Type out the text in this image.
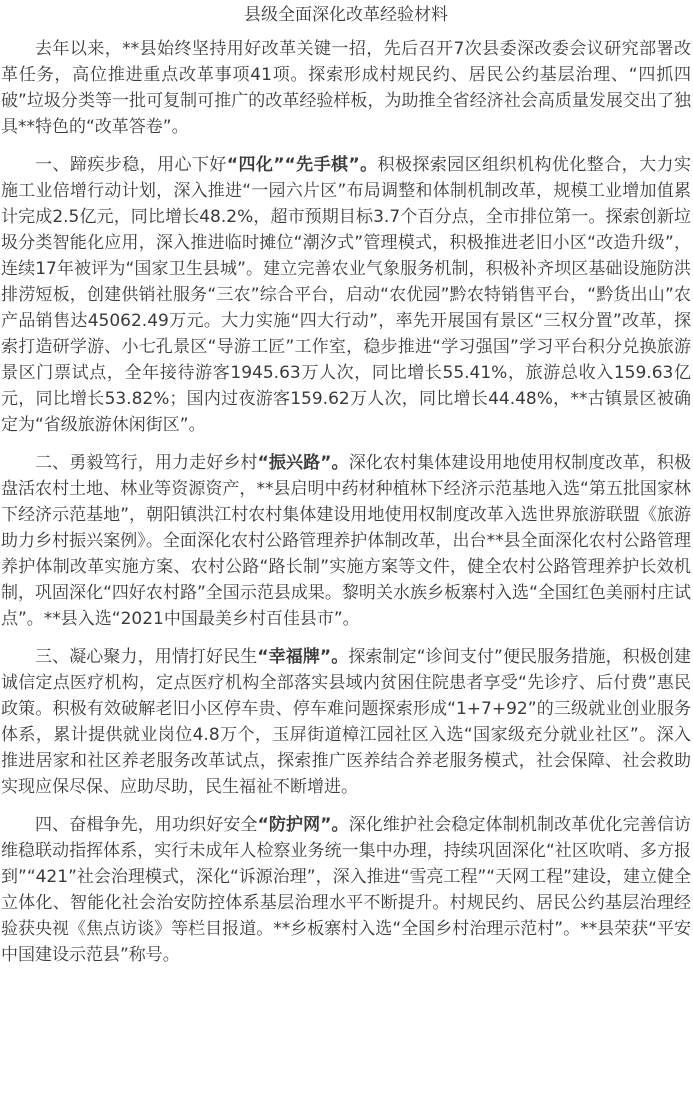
县级全面深化改革经验材料

去年以来，**县始终坚持用好改革关键一招，先后召开7次县委深改委会议研究部署改革任务，高位推进重点改革事项41项。探索形成村规民约、居民公约基层治理、“四抓四破”垃圾分类等一批可复制可推广的改革经验样板，为助推全省经济社会高质量发展交出了独具**特色的“改革答卷”。

一、蹄疾步稳，用心下好“四化”“先手棋”。积极探索园区组织机构优化整合，大力实施工业倍增行动计划，深入推进“一园六片区”布局调整和体制机制改革，规模工业增加值累计完成2.5亿元，同比增长48.2%，超市预期目标3.7个百分点，全市排位第一。探索创新垃圾分类智能化应用，深入推进临时摊位“潮汐式”管理模式，积极推进老旧小区“改造升级”，连续17年被评为“国家卫生县城”。建立完善农业气象服务机制，积极补齐坝区基础设施防洪排涝短板，创建供销社服务“三农”综合平台，启动“农优园”黔农特销售平台，“黔货出山”农产品销售达45062.49万元。大力实施“四大行动”，率先开展国有景区“三权分置”改革，探索打造研学游、小七孔景区“导游工匠”工作室，稳步推进“学习强国”学习平台积分兑换旅游景区门票试点，全年接待游客1945.63万人次，同比增长55.41%，旅游总收入159.63亿元，同比增长53.82%；国内过夜游客159.62万人次，同比增长44.48%，**古镇景区被确定为“省级旅游休闲街区”。

二、勇毅笃行，用力走好乡村“振兴路”。深化农村集体建设用地使用权制度改革，积极盘活农村土地、林业等资源资产，**县启明中药材种植林下经济示范基地入选“第五批国家林下经济示范基地”，朝阳镇洪江村农村集体建设用地使用权制度改革入选世界旅游联盟《旅游助力乡村振兴案例》。全面深化农村公路管理养护体制改革，出台**县全面深化农村公路管理养护体制改革实施方案、农村公路“路长制”实施方案等文件，健全农村公路管理养护长效机制，巩固深化“四好农村路”全国示范县成果。黎明关水族乡板寨村入选“全国红色美丽村庄试点”。**县入选“2021中国最美乡村百佳县市”。

三、凝心聚力，用情打好民生“幸福牌”。探索制定“诊间支付”便民服务措施，积极创建诚信定点医疗机构，定点医疗机构全部落实县域内贫困住院患者享受“先诊疗、后付费”惠民政策。积极有效破解老旧小区停车贵、停车难问题探索形成“1+7+92”的三级就业创业服务体系，累计提供就业岗位4.8万个，玉屏街道樟江园社区入选“国家级充分就业社区”。深入推进居家和社区养老服务改革试点，探索推广医养结合养老服务模式，社会保障、社会救助实现应保尽保、应助尽助，民生福祉不断增进。

四、奋楫争先，用功织好安全“防护网”。深化维护社会稳定体制机制改革优化完善信访维稳联动指挥体系，实行未成年人检察业务统一集中办理，持续巩固深化“社区吹哨、多方报到”“421”社会治理模式，深化“诉源治理”，深入推进“雪亮工程”“天网工程”建设，建立健全立体化、智能化社会治安防控体系基层治理水平不断提升。村规民约、居民公约基层治理经验获央视《焦点访谈》等栏目报道。**乡板寨村入选“全国乡村治理示范村”。**县荣获“平安中国建设示范县”称号。
